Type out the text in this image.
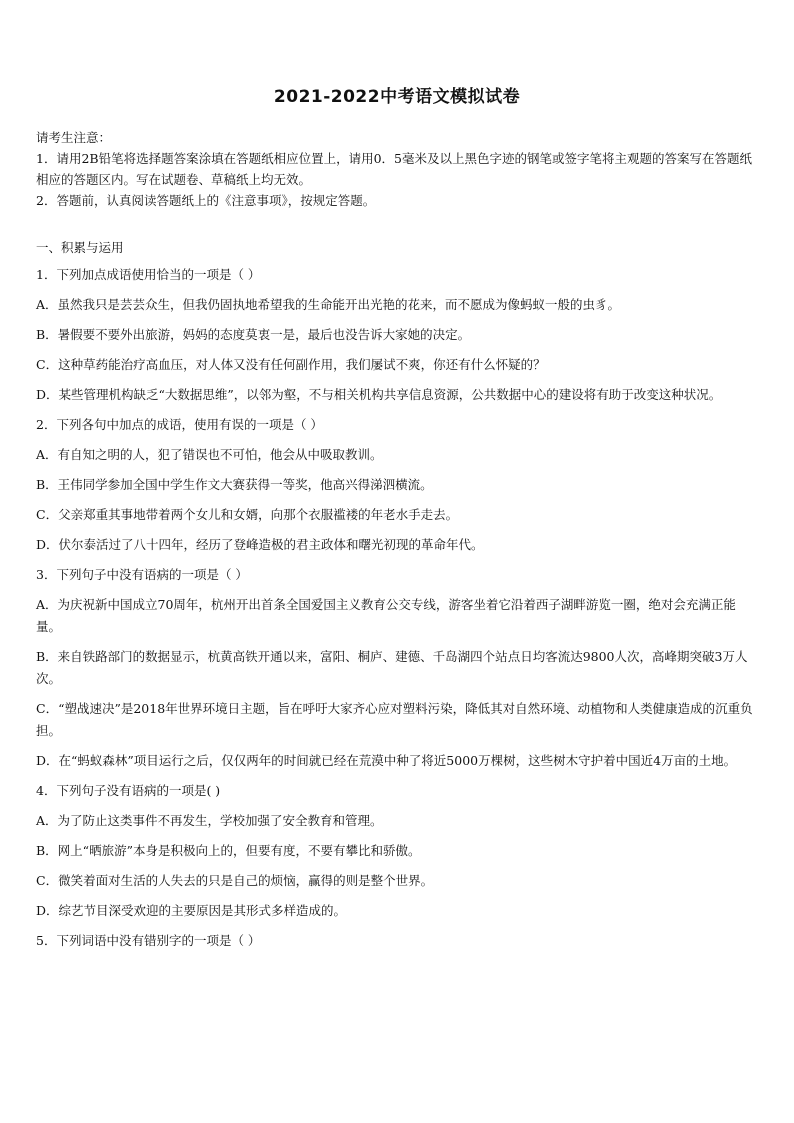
2021-2022中考语文模拟试卷

请考生注意：

1．请用2B铅笔将选择题答案涂填在答题纸相应位置上，请用0．5毫米及以上黑色字迹的钢笔或签字笔将主观题的答案写在答题纸相应的答题区内。写在试题卷、草稿纸上均无效。

2．答题前，认真阅读答题纸上的《注意事项》，按规定答题。

一、积累与运用

1．下列加点成语使用恰当的一项是（ ）

A．虽然我只是芸芸众生，但我仍固执地希望我的生命能开出光艳的花来，而不愿成为像蚂蚁一般的虫豸。

B．暑假要不要外出旅游，妈妈的态度莫衷一是，最后也没告诉大家她的决定。

C．这种草药能治疗高血压，对人体又没有任何副作用，我们屡试不爽，你还有什么怀疑的？

D．某些管理机构缺乏“大数据思维”，以邻为壑，不与相关机构共享信息资源，公共数据中心的建设将有助于改变这种状况。

2．下列各句中加点的成语，使用有误的一项是（ ）

A．有自知之明的人，犯了错误也不可怕，他会从中吸取教训。

B．王伟同学参加全国中学生作文大赛获得一等奖，他高兴得涕泗横流。

C．父亲郑重其事地带着两个女儿和女婿，向那个衣服褴褛的年老水手走去。

D．伏尔泰活过了八十四年，经历了登峰造极的君主政体和曙光初现的革命年代。

3．下列句子中没有语病的一项是（ ）

A．为庆祝新中国成立70周年，杭州开出首条全国爱国主义教育公交专线，游客坐着它沿着西子湖畔游览一圈，绝对会充满正能量。

B．来自铁路部门的数据显示，杭黄高铁开通以来，富阳、桐庐、建德、千岛湖四个站点日均客流达9800人次，高峰期突破3万人次。

C．“塑战速决”是2018年世界环境日主题，旨在呼吁大家齐心应对塑料污染，降低其对自然环境、动植物和人类健康造成的沉重负担。

D．在“蚂蚁森林”项目运行之后，仅仅两年的时间就已经在荒漠中种了将近5000万棵树，这些树木守护着中国近4万亩的土地。

4．下列句子没有语病的一项是( )

A．为了防止这类事件不再发生，学校加强了安全教育和管理。

B．网上“晒旅游”本身是积极向上的，但要有度，不要有攀比和骄傲。

C．微笑着面对生活的人失去的只是自己的烦恼，赢得的则是整个世界。

D．综艺节目深受欢迎的主要原因是其形式多样造成的。

5．下列词语中没有错别字的一项是（ ）
